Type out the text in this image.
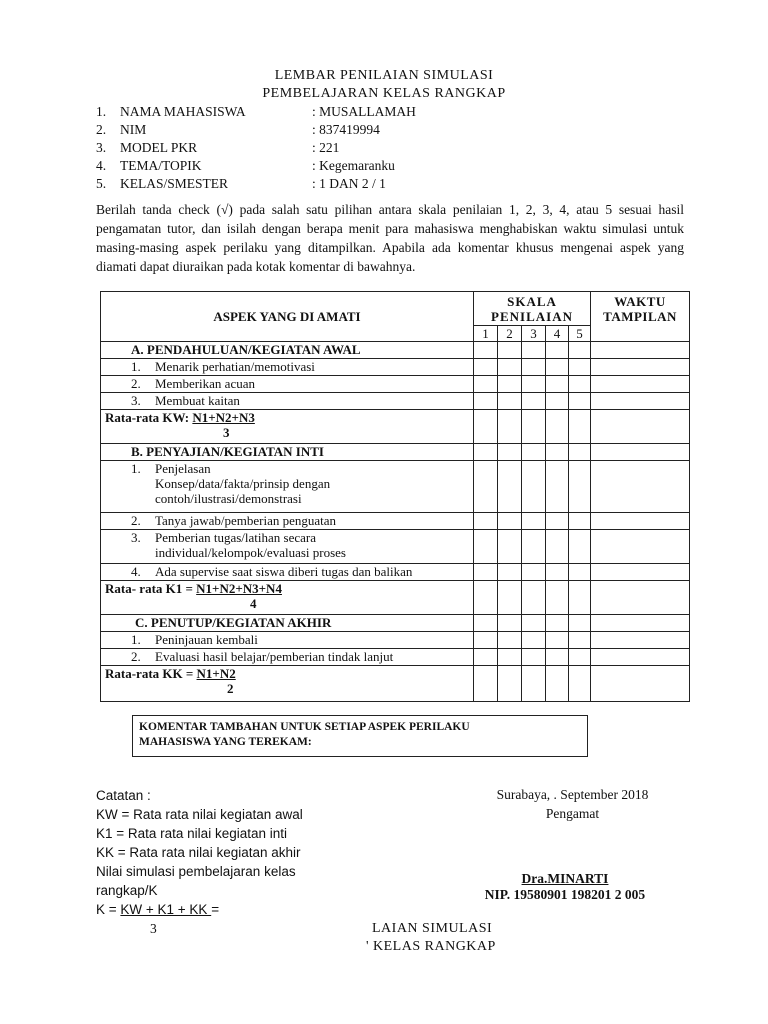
LEMBAR PENILAIAN SIMULASI
PEMBELAJARAN KELAS RANGKAP
1. NAMA MAHASISWA	: MUSALLAMAH
2. NIM	: 837419994
3. MODEL PKR	: 221
4. TEMA/TOPIK	: Kegemaranku
5. KELAS/SMESTER	: 1 DAN 2 / 1
Berilah tanda check (√) pada salah satu pilihan antara skala penilaian 1, 2, 3, 4, atau 5 sesuai hasil pengamatan tutor, dan isilah dengan berapa menit para mahasiswa menghabiskan waktu simulasi untuk masing-masing aspek perilaku yang ditampilkan. Apabila ada komentar khusus mengenai aspek yang diamati dapat diuraikan pada kotak komentar di bawahnya.
ASPEK YANG DI AMATI	SKALA PENILAIAN					WAKTU TAMPILAN
	1	2	3	4	5	
A. PENDAHULUAN/KEGIATAN AWAL						
1. Menarik perhatian/memotivasi						
2. Memberikan acuan						
3. Membuat kaitan						

Rata-rata KW: N1+N2+N3
3						

B. PENYAJIAN/KEGIATAN INTI						

1. Penjelasan
Konsep/data/fakta/prinsip dengan
contoh/ilustrasi/demonstrasi						

2. Tanya jawab/pemberian penguatan						

3. Pemberian tugas/latihan secara
individual/kelompok/evaluasi proses						

4. Ada supervise saat siswa diberi tugas dan balikan						

Rata- rata K1 = N1+N2+N3+N4
4						

C. PENUTUP/KEGIATAN AKHIR						
1. Peninjauan kembali						
2. Evaluasi hasil belajar/pemberian tindak lanjut						

Rata-rata KK = N1+N2
2						

KOMENTAR TAMBAHAN UNTUK SETIAP ASPEK PERILAKU
MAHASISWA YANG TEREKAM:
Catatan :
KW = Rata rata nilai kegiatan awal
K1 = Rata rata nilai kegiatan inti
KK = Rata rata nilai kegiatan akhir
Nilai simulasi pembelajaran kelas
rangkap/K
K = KW + K1 + KK =
3
Surabaya, . September 2018
Pengamat
Dra.MINARTI
NIP. 19580901 198201 2 005
LAIAN SIMULASI
' KELAS RANGKAP
